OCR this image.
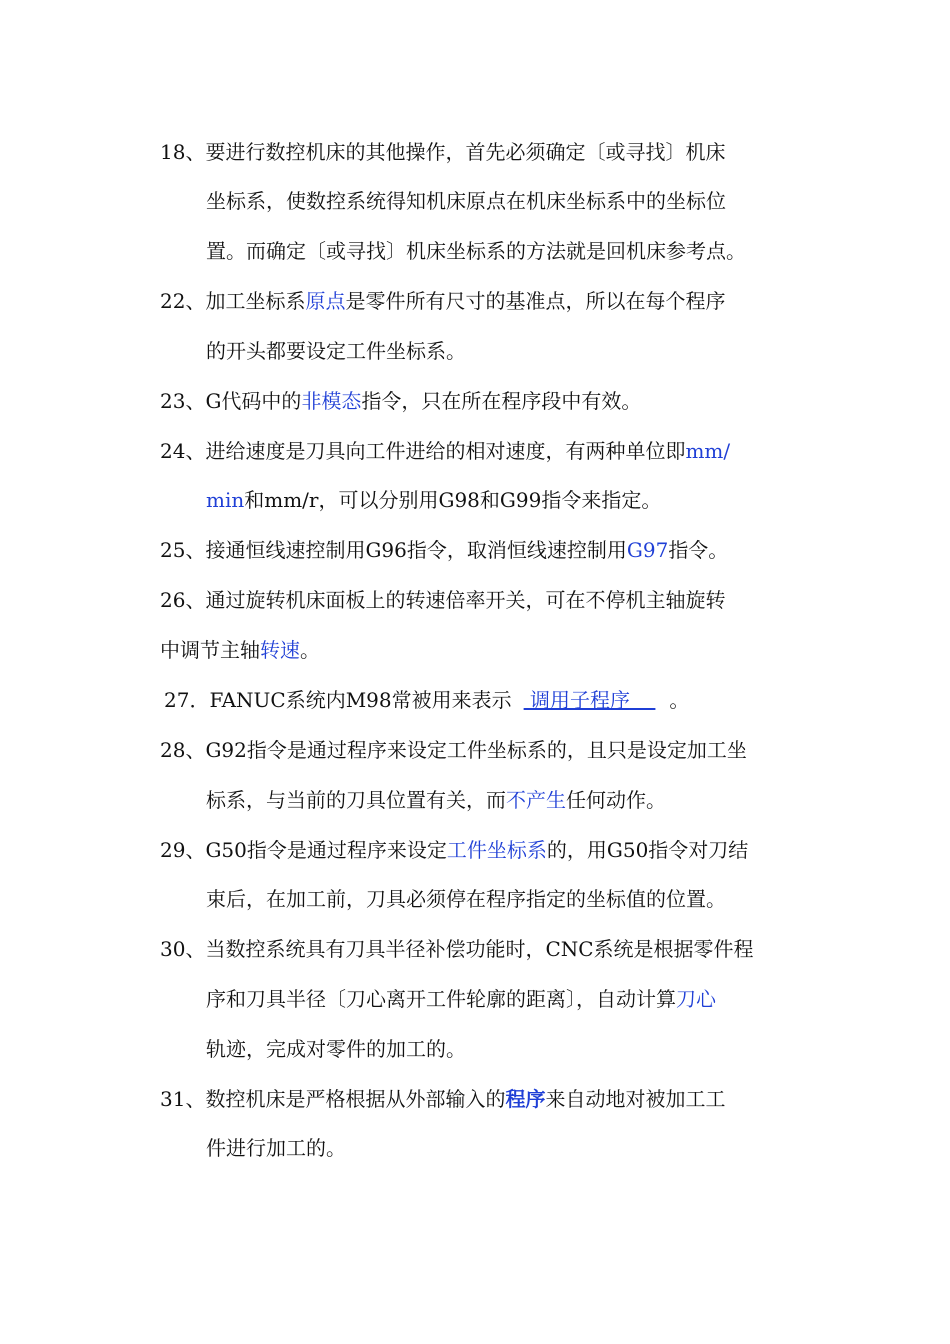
18、要进行数控机床的其他操作，首先必须确定〔或寻找〕机床
坐标系，使数控系统得知机床原点在机床坐标系中的坐标位
置。而确定〔或寻找〕机床坐标系的方法就是回机床参考点。
22、加工坐标系原点是零件所有尺寸的基准点，所以在每个程序
的开头都要设定工件坐标系。
23、G代码中的非模态指令，只在所在程序段中有效。
24、进给速度是刀具向工件进给的相对速度，有两种单位即mm/
min和mm/r，可以分别用G98和G99指令来指定。
25、接通恒线速控制用G96指令，取消恒线速控制用G97指令。
26、通过旋转机床面板上的转速倍率开关，可在不停机主轴旋转
中调节主轴转速。
27．FANUC系统内M98常被用来表示 调用子程序 。
28、G92指令是通过程序来设定工件坐标系的，且只是设定加工坐
标系，与当前的刀具位置有关，而不产生任何动作。
29、G50指令是通过程序来设定工件坐标系的，用G50指令对刀结
束后，在加工前，刀具必须停在程序指定的坐标值的位置。
30、当数控系统具有刀具半径补偿功能时，CNC系统是根据零件程
序和刀具半径〔刀心离开工件轮廓的距离〕，自动计算刀心
轨迹，完成对零件的加工的。
31、数控机床是严格根据从外部输入的程序来自动地对被加工工
件进行加工的。
